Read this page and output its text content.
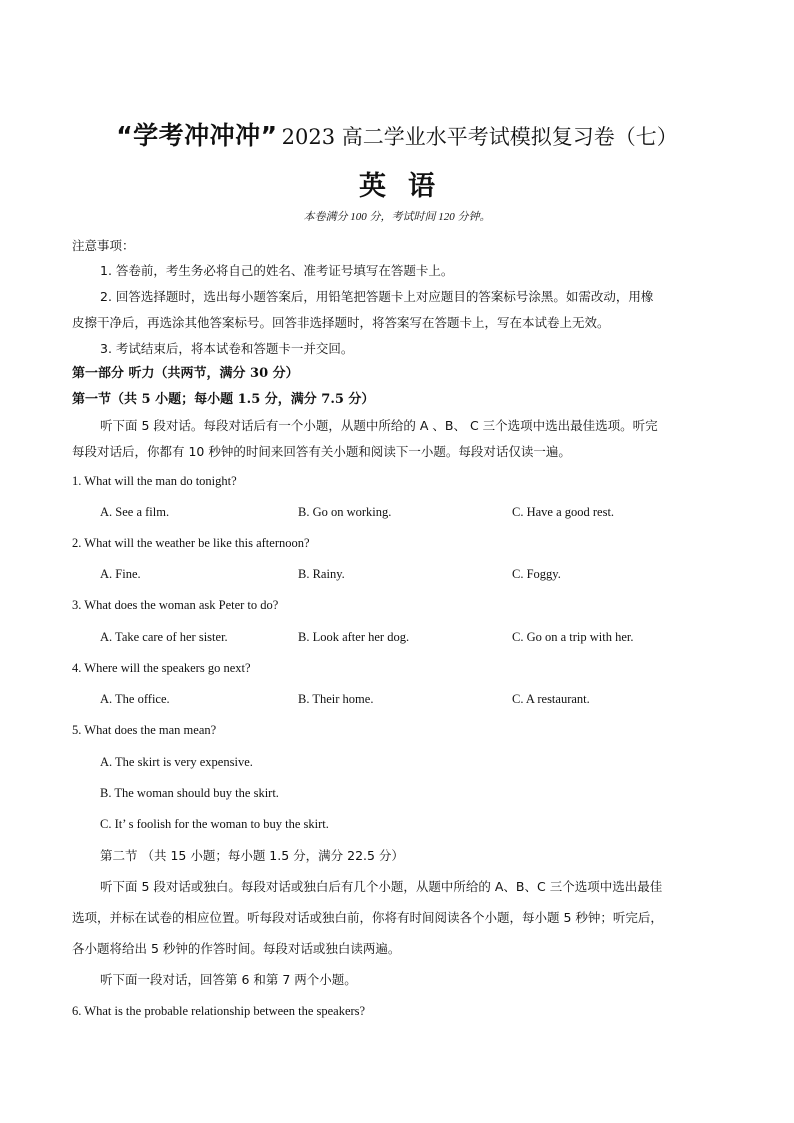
“学考冲冲冲” 2023 高二学业水平考试模拟复习卷（七）
英语
本卷满分 100 分，考试时间 120 分钟。
注意事项：
1. 答卷前，考生务必将自己的姓名、准考证号填写在答题卡上。
2. 回答选择题时，选出每小题答案后，用铅笔把答题卡上对应题目的答案标号涂黑。如需改动，用橡
皮擦干净后，再选涂其他答案标号。回答非选择题时，将答案写在答题卡上，写在本试卷上无效。
3. 考试结束后，将本试卷和答题卡一并交回。
第一部分 听力（共两节，满分 30 分）
第一节（共 5 小题；每小题 1.5 分，满分 7.5 分）
听下面 5 段对话。每段对话后有一个小题，从题中所给的 A 、B、 C 三个选项中选出最佳选项。听完
每段对话后，你都有 10 秒钟的时间来回答有关小题和阅读下一小题。每段对话仅读一遍。
1. What will the man do tonight?
A. See a film.	B. Go on working.	C. Have a good rest.
2. What will the weather be like this afternoon?
A. Fine.	B. Rainy.	C. Foggy.
3. What does the woman ask Peter to do?
A. Take care of her sister.	B. Look after her dog.	C. Go on a trip with her.
4. Where will the speakers go next?
A. The office.	B. Their home.	C. A restaurant.
5. What does the man mean?
A. The skirt is very expensive.
B. The woman should buy the skirt.
C. It’ s foolish for the woman to buy the skirt.
第二节 （共 15 小题；每小题 1.5 分，满分 22.5 分）
听下面 5 段对话或独白。每段对话或独白后有几个小题，从题中所给的 A、B、C 三个选项中选出最佳
选项，并标在试卷的相应位置。听每段对话或独白前，你将有时间阅读各个小题，每小题 5 秒钟；听完后，
各小题将给出 5 秒钟的作答时间。每段对话或独白读两遍。
听下面一段对话，回答第 6 和第 7 两个小题。
6. What is the probable relationship between the speakers?
